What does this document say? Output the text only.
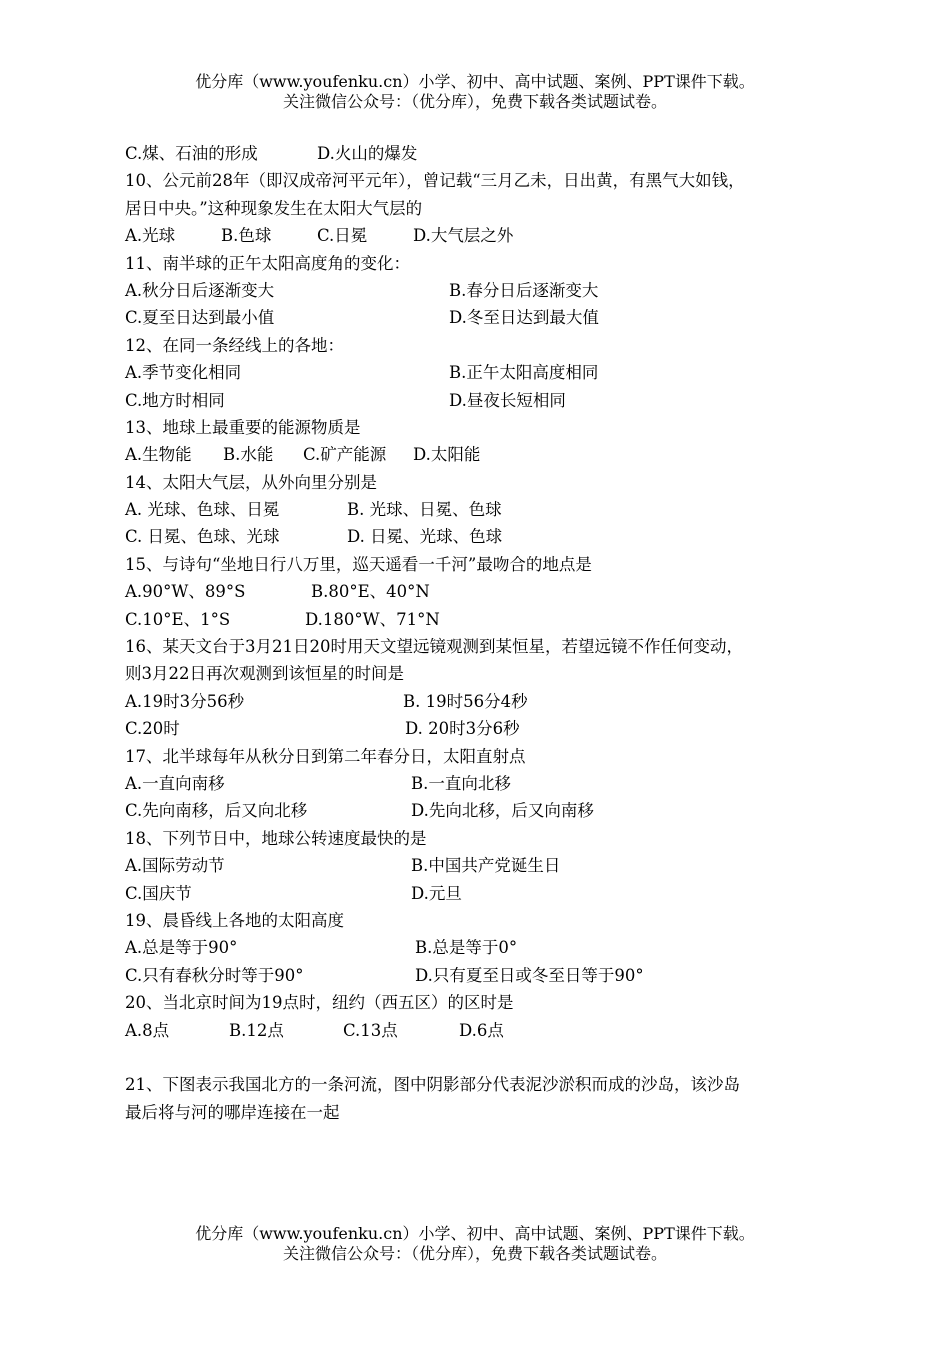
优分库（www.youfenku.cn）小学、初中、高中试题、案例、PPT课件下载。
关注微信公众号：（优分库），免费下载各类试题试卷。
C.煤、石油的形成	D.火山的爆发
10、公元前28年（即汉成帝河平元年），曾记载“三月乙未，日出黄，有黑气大如钱，
居日中央。”这种现象发生在太阳大气层的
A.光球	B.色球	C.日冕	D.大气层之外
11、南半球的正午太阳高度角的变化：
A.秋分日后逐渐变大	B.春分日后逐渐变大
C.夏至日达到最小值	D.冬至日达到最大值
12、在同一条经线上的各地：
A.季节变化相同	B.正午太阳高度相同
C.地方时相同	D.昼夜长短相同
13、地球上最重要的能源物质是
A.生物能 B.水能 C.矿产能源 D.太阳能
14、太阳大气层，从外向里分别是
A. 光球、色球、日冕	B. 光球、日冕、色球
C. 日冕、色球、光球	D. 日冕、光球、色球
15、与诗句“坐地日行八万里，巡天遥看一千河”最吻合的地点是
A.90°W、89°S	B.80°E、40°N
C.10°E、1°S	D.180°W、71°N
16、某天文台于3月21日20时用天文望远镜观测到某恒星，若望远镜不作任何变动，
则3月22日再次观测到该恒星的时间是
A.19时3分56秒	B. 19时56分4秒
C.20时	D. 20时3分6秒
17、北半球每年从秋分日到第二年春分日，太阳直射点
A.一直向南移	B.一直向北移
C.先向南移，后又向北移	D.先向北移，后又向南移
18、下列节日中，地球公转速度最快的是
A.国际劳动节	B.中国共产党诞生日
C.国庆节	D.元旦
19、晨昏线上各地的太阳高度
A.总是等于90°	B.总是等于0°
C.只有春秋分时等于90°	D.只有夏至日或冬至日等于90°
20、当北京时间为19点时，纽约（西五区）的区时是
A.8点	B.12点	C.13点	D.6点
21、下图表示我国北方的一条河流，图中阴影部分代表泥沙淤积而成的沙岛，该沙岛
最后将与河的哪岸连接在一起
优分库（www.youfenku.cn）小学、初中、高中试题、案例、PPT课件下载。
关注微信公众号：（优分库），免费下载各类试题试卷。
